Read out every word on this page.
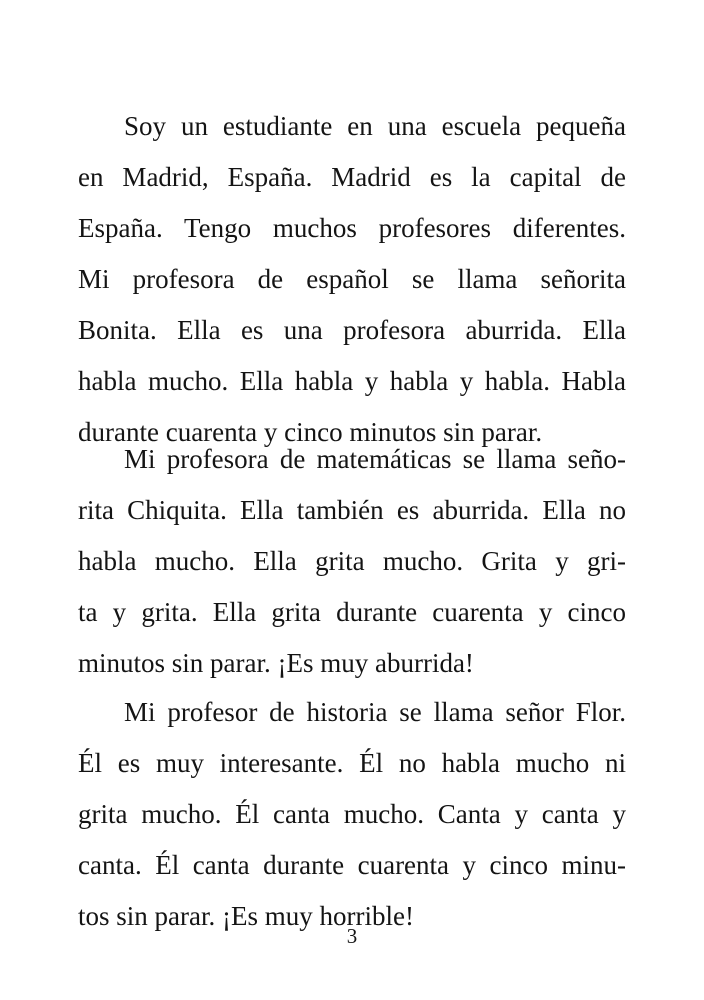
Soy un estudiante en una escuela pequeña
en Madrid, España. Madrid es la capital de
España. Tengo muchos profesores diferentes.
Mi profesora de español se llama señorita
Bonita. Ella es una profesora aburrida. Ella
habla mucho. Ella habla y habla y habla. Habla
durante cuarenta y cinco minutos sin parar.
Mi profesora de matemáticas se llama seño-
rita Chiquita. Ella también es aburrida. Ella no
habla mucho. Ella grita mucho. Grita y gri-
ta y grita. Ella grita durante cuarenta y cinco
minutos sin parar. ¡Es muy aburrida!
Mi profesor de historia se llama señor Flor.
Él es muy interesante. Él no habla mucho ni
grita mucho. Él canta mucho. Canta y canta y
canta. Él canta durante cuarenta y cinco minu-
tos sin parar. ¡Es muy horrible!
3
